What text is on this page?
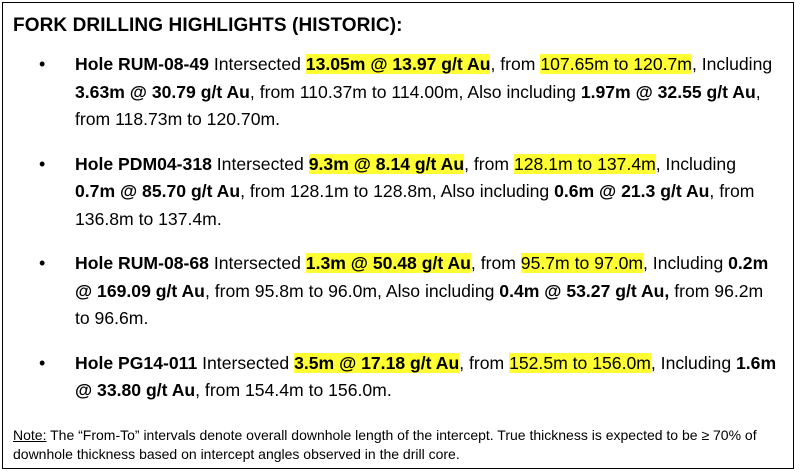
FORK DRILLING HIGHLIGHTS (HISTORIC):
• Hole RUM-08-49 Intersected 13.05m @ 13.97 g/t Au, from 107.65m to 120.7m, Including 3.63m @ 30.79 g/t Au, from 110.37m to 114.00m, Also including 1.97m @ 32.55 g/t Au, from 118.73m to 120.70m.
• Hole PDM04-318 Intersected 9.3m @ 8.14 g/t Au, from 128.1m to 137.4m, Including 0.7m @ 85.70 g/t Au, from 128.1m to 128.8m, Also including 0.6m @ 21.3 g/t Au, from 136.8m to 137.4m.
• Hole RUM-08-68 Intersected 1.3m @ 50.48 g/t Au, from 95.7m to 97.0m, Including 0.2m @ 169.09 g/t Au, from 95.8m to 96.0m, Also including 0.4m @ 53.27 g/t Au, from 96.2m to 96.6m.
• Hole PG14-011 Intersected 3.5m @ 17.18 g/t Au, from 152.5m to 156.0m, Including 1.6m @ 33.80 g/t Au, from 154.4m to 156.0m.
Note: The “From-To” intervals denote overall downhole length of the intercept. True thickness is expected to be ≥ 70% of downhole thickness based on intercept angles observed in the drill core.
